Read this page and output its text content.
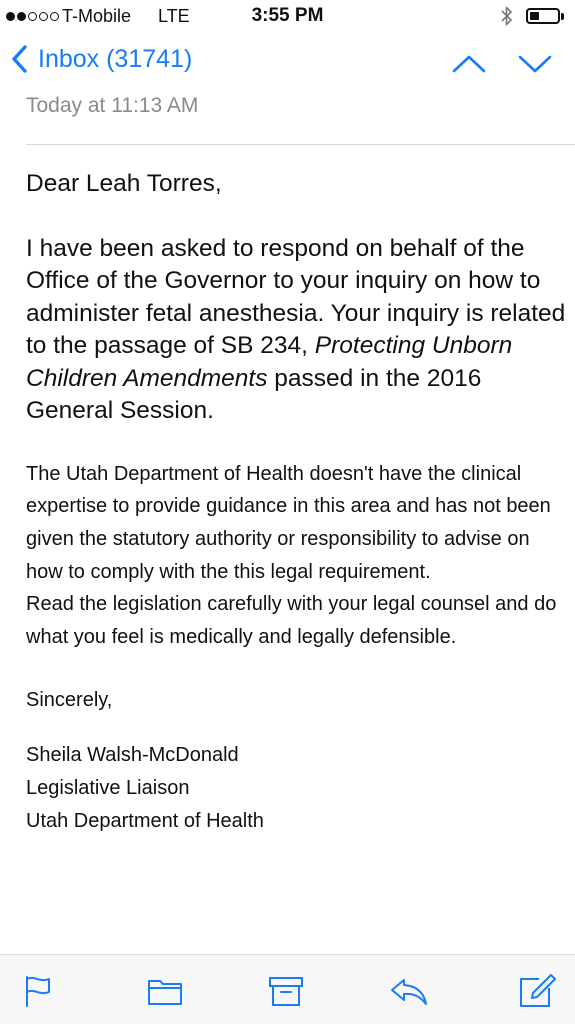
T-Mobile LTE	3:55 PM
Inbox (31741)
Today at 11:13 AM

Dear Leah Torres,

I have been asked to respond on behalf of the Office of the Governor to your inquiry on how to administer fetal anesthesia. Your inquiry is related to the passage of SB 234, Protecting Unborn Children Amendments passed in the 2016 General Session.

The Utah Department of Health doesn't have the clinical expertise to provide guidance in this area and has not been given the statutory authority or responsibility to advise on how to comply with the this legal requirement.

Read the legislation carefully with your legal counsel and do what you feel is medically and legally defensible.

Sincerely,

Sheila Walsh-McDonald

Legislative Liaison

Utah Department of Health
